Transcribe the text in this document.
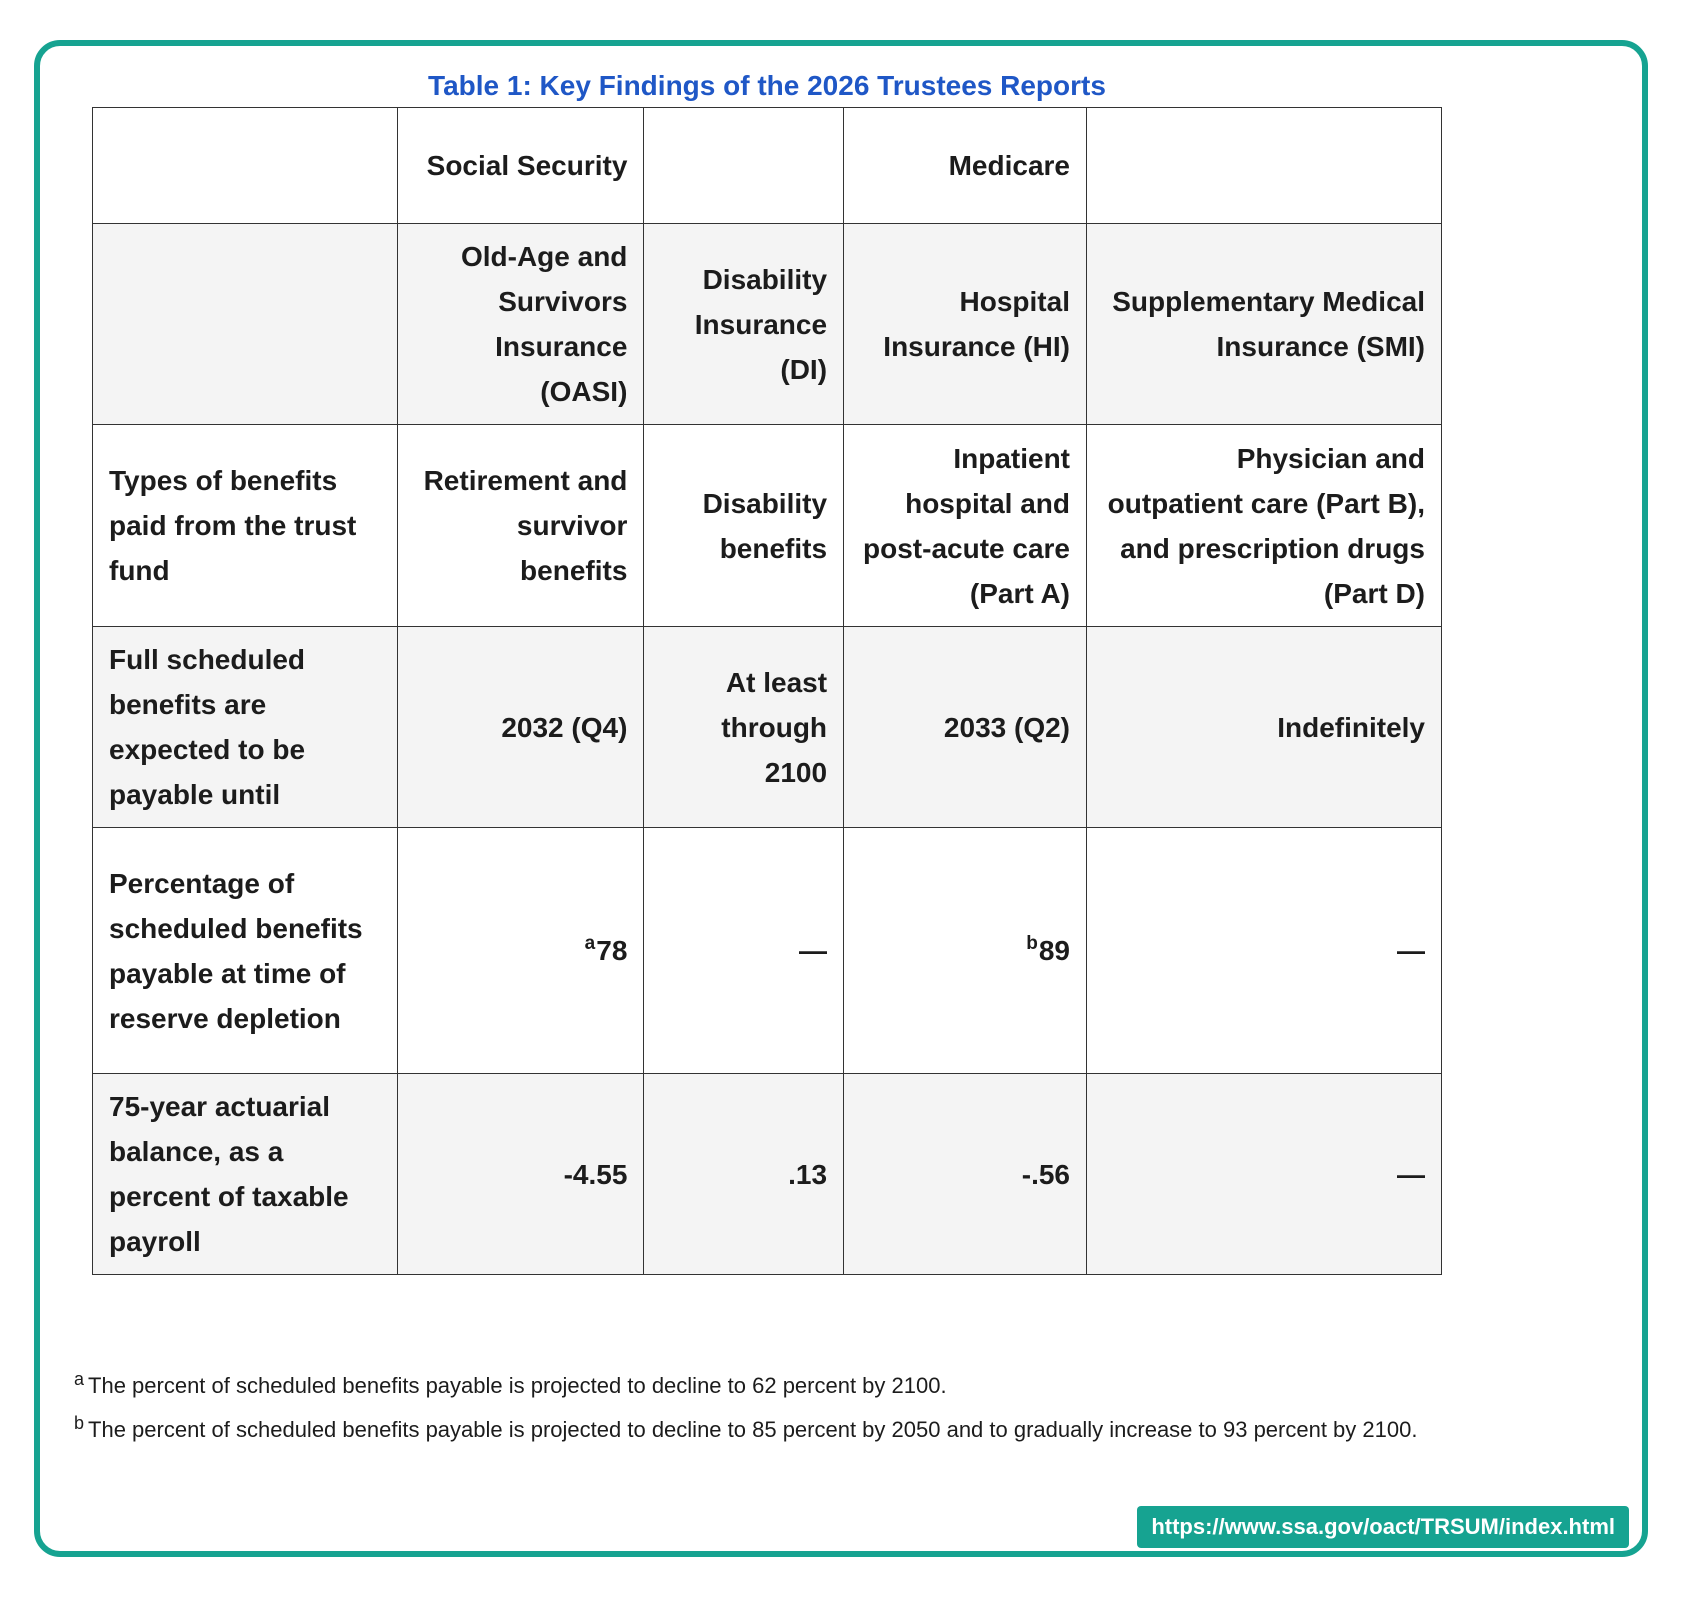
Table 1: Key Findings of the 2026 Trustees Reports
	Social Security		Medicare	
	Old-Age and Survivors Insurance (OASI)	Disability Insurance (DI)	Hospital Insurance (HI)	Supplementary Medical Insurance (SMI)
Types of benefits paid from the trust fund	Retirement and survivor benefits	Disability benefits	Inpatient hospital and post-acute care (Part A)	Physician and outpatient care (Part B), and prescription drugs (Part D)
Full scheduled benefits are expected to be payable until	2032 (Q4)	At least through 2100	2033 (Q2)	Indefinitely
Percentage of scheduled benefits payable at time of reserve depletion	$^a$78	—	$^b$89	—
75-year actuarial balance, as a percent of taxable payroll	-4.55	.13	-.56	—

$^a$ The percent of scheduled benefits payable is projected to decline to 62 percent by 2100.

$^b$ The percent of scheduled benefits payable is projected to decline to 85 percent by 2050 and to gradually increase to 93 percent by 2100.

https://www.ssa.gov/oact/TRSUM/index.html
